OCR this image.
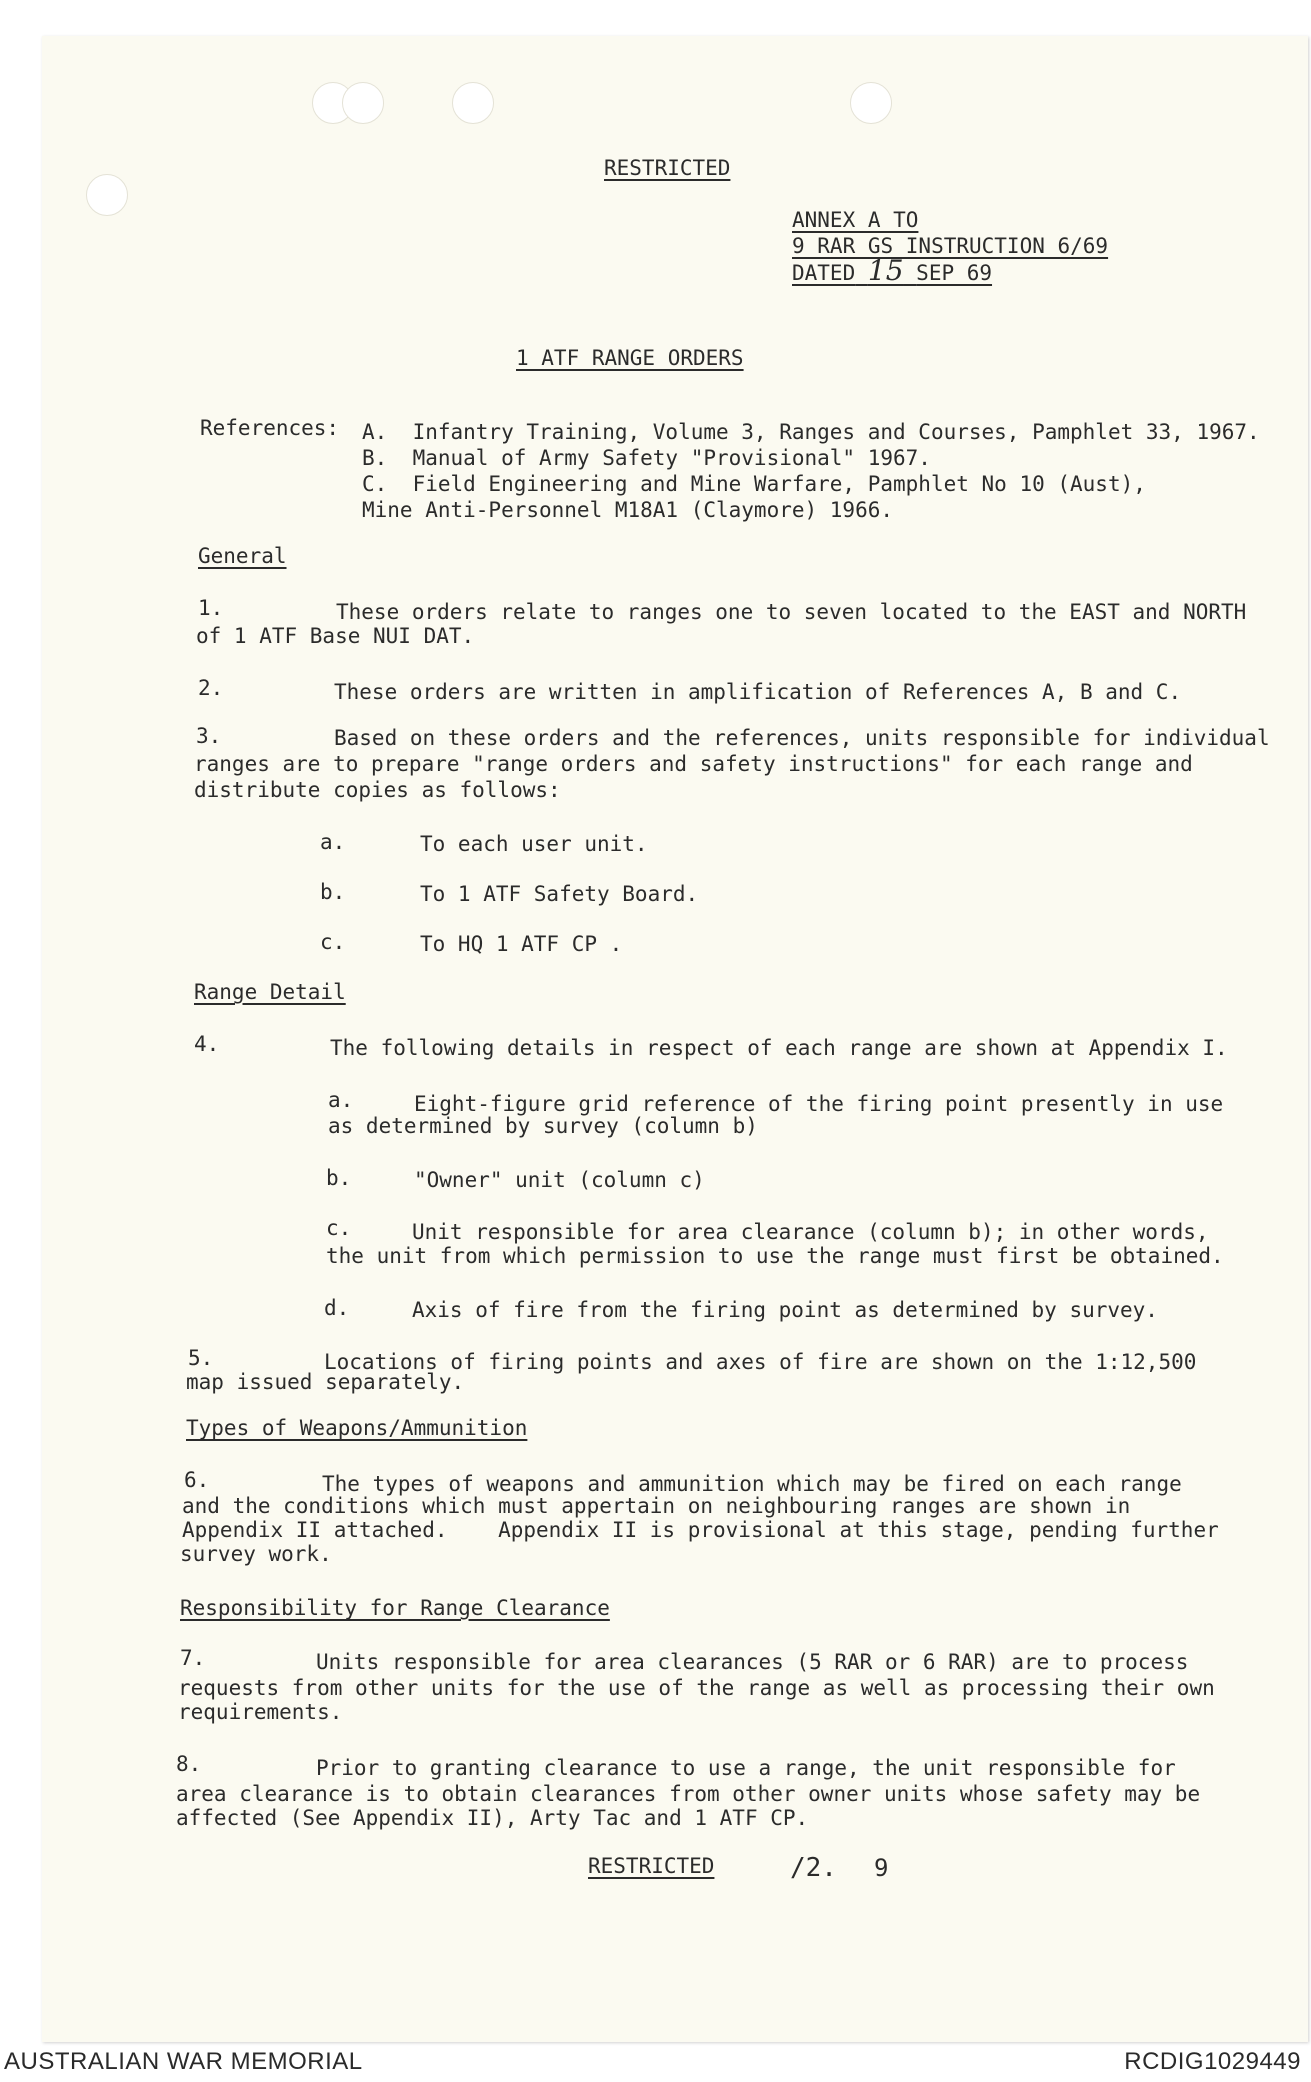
RESTRICTED
ANNEX A TO
9 RAR GS INSTRUCTION 6/69
DATED 15 SEP 69
1 ATF RANGE ORDERS
References: A.  Infantry Training, Volume 3, Ranges and Courses, Pamphlet 33, 1967.
B.  Manual of Army Safety "Provisional" 1967.
C.  Field Engineering and Mine Warfare, Pamphlet No 10 (Aust),
Mine Anti-Personnel M18A1 (Claymore) 1966.
General
1.	These orders relate to ranges one to seven located to the EAST and NORTH
of 1 ATF Base NUI DAT.
2.	These orders are written in amplification of References A, B and C.
3.	Based on these orders and the references, units responsible for individual
ranges are to prepare "range orders and safety instructions" for each range and
distribute copies as follows:
a.	To each user unit.
b.	To 1 ATF Safety Board.
c.	To HQ 1 ATF CP .
Range Detail
4.	The following details in respect of each range are shown at Appendix I.
a.	Eight-figure grid reference of the firing point presently in use
as determined by survey (column b)
b.	"Owner" unit (column c)
c.	Unit responsible for area clearance (column b); in other words,
the unit from which permission to use the range must first be obtained.
d.	Axis of fire from the firing point as determined by survey.
5.	Locations of firing points and axes of fire are shown on the 1:12,500
map issued separately.
Types of Weapons/Ammunition
6.	The types of weapons and ammunition which may be fired on each range
and the conditions which must appertain on neighbouring ranges are shown in
Appendix II attached.    Appendix II is provisional at this stage, pending further
survey work.
Responsibility for Range Clearance
7.	Units responsible for area clearances (5 RAR or 6 RAR) are to process
requests from other units for the use of the range as well as processing their own
requirements.
8.	Prior to granting clearance to use a range, the unit responsible for
area clearance is to obtain clearances from other owner units whose safety may be
affected (See Appendix II), Arty Tac and 1 ATF CP.
RESTRICTED	/2. 9
AUSTRALIAN WAR MEMORIAL	RCDIG1029449
